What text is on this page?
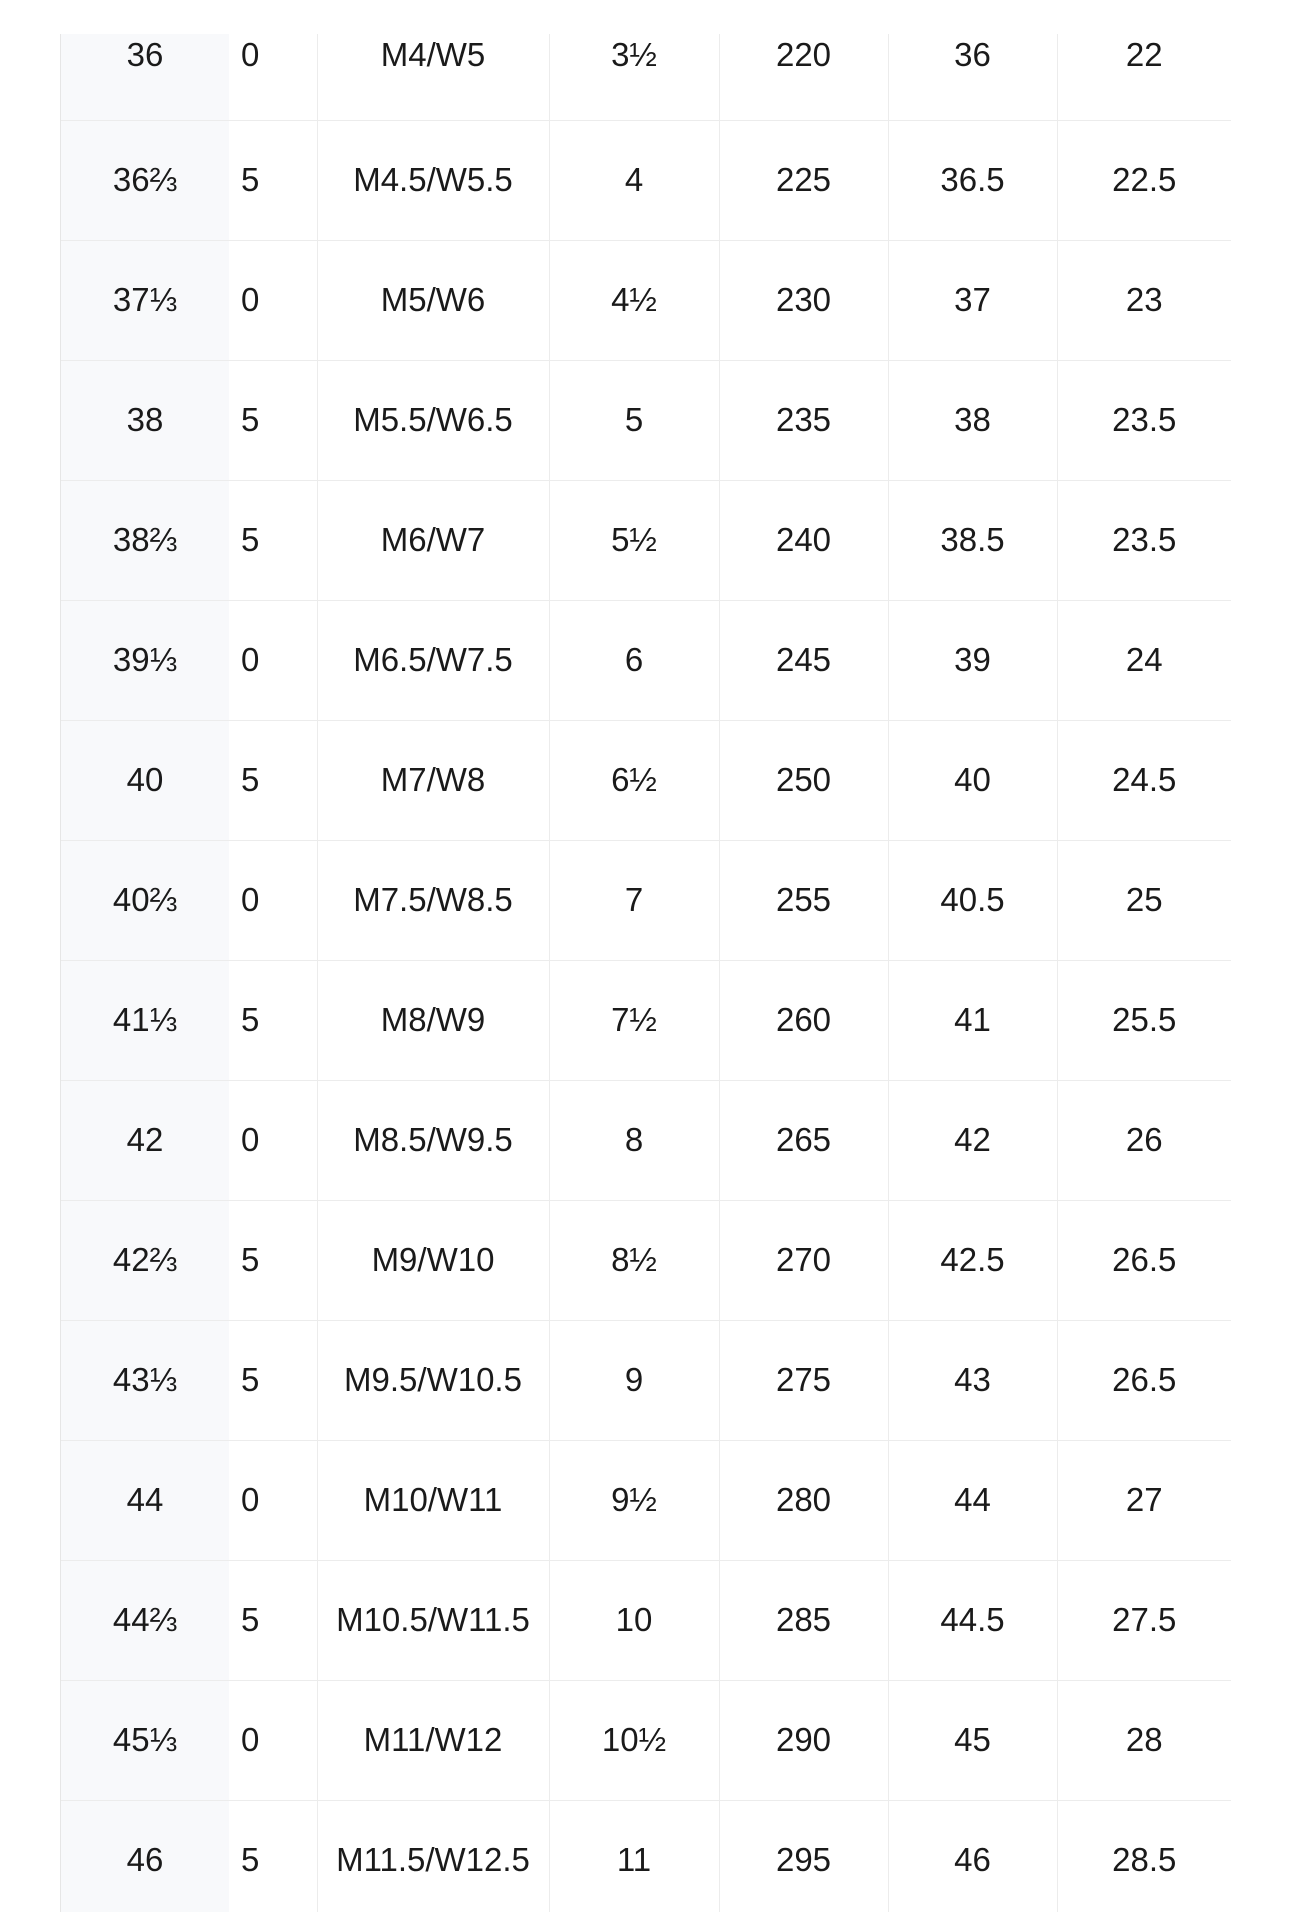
36	0	M4/W5	3½	220	36	22
36⅔	5	M4.5/W5.5	4	225	36.5	22.5
37⅓	0	M5/W6	4½	230	37	23
38	5	M5.5/W6.5	5	235	38	23.5
38⅔	5	M6/W7	5½	240	38.5	23.5
39⅓	0	M6.5/W7.5	6	245	39	24
40	5	M7/W8	6½	250	40	24.5
40⅔	0	M7.5/W8.5	7	255	40.5	25
41⅓	5	M8/W9	7½	260	41	25.5
42	0	M8.5/W9.5	8	265	42	26
42⅔	5	M9/W10	8½	270	42.5	26.5
43⅓	5	M9.5/W10.5	9	275	43	26.5
44	0	M10/W11	9½	280	44	27
44⅔	5	M10.5/W11.5	10	285	44.5	27.5
45⅓	0	M11/W12	10½	290	45	28
46	5	M11.5/W12.5	11	295	46	28.5
